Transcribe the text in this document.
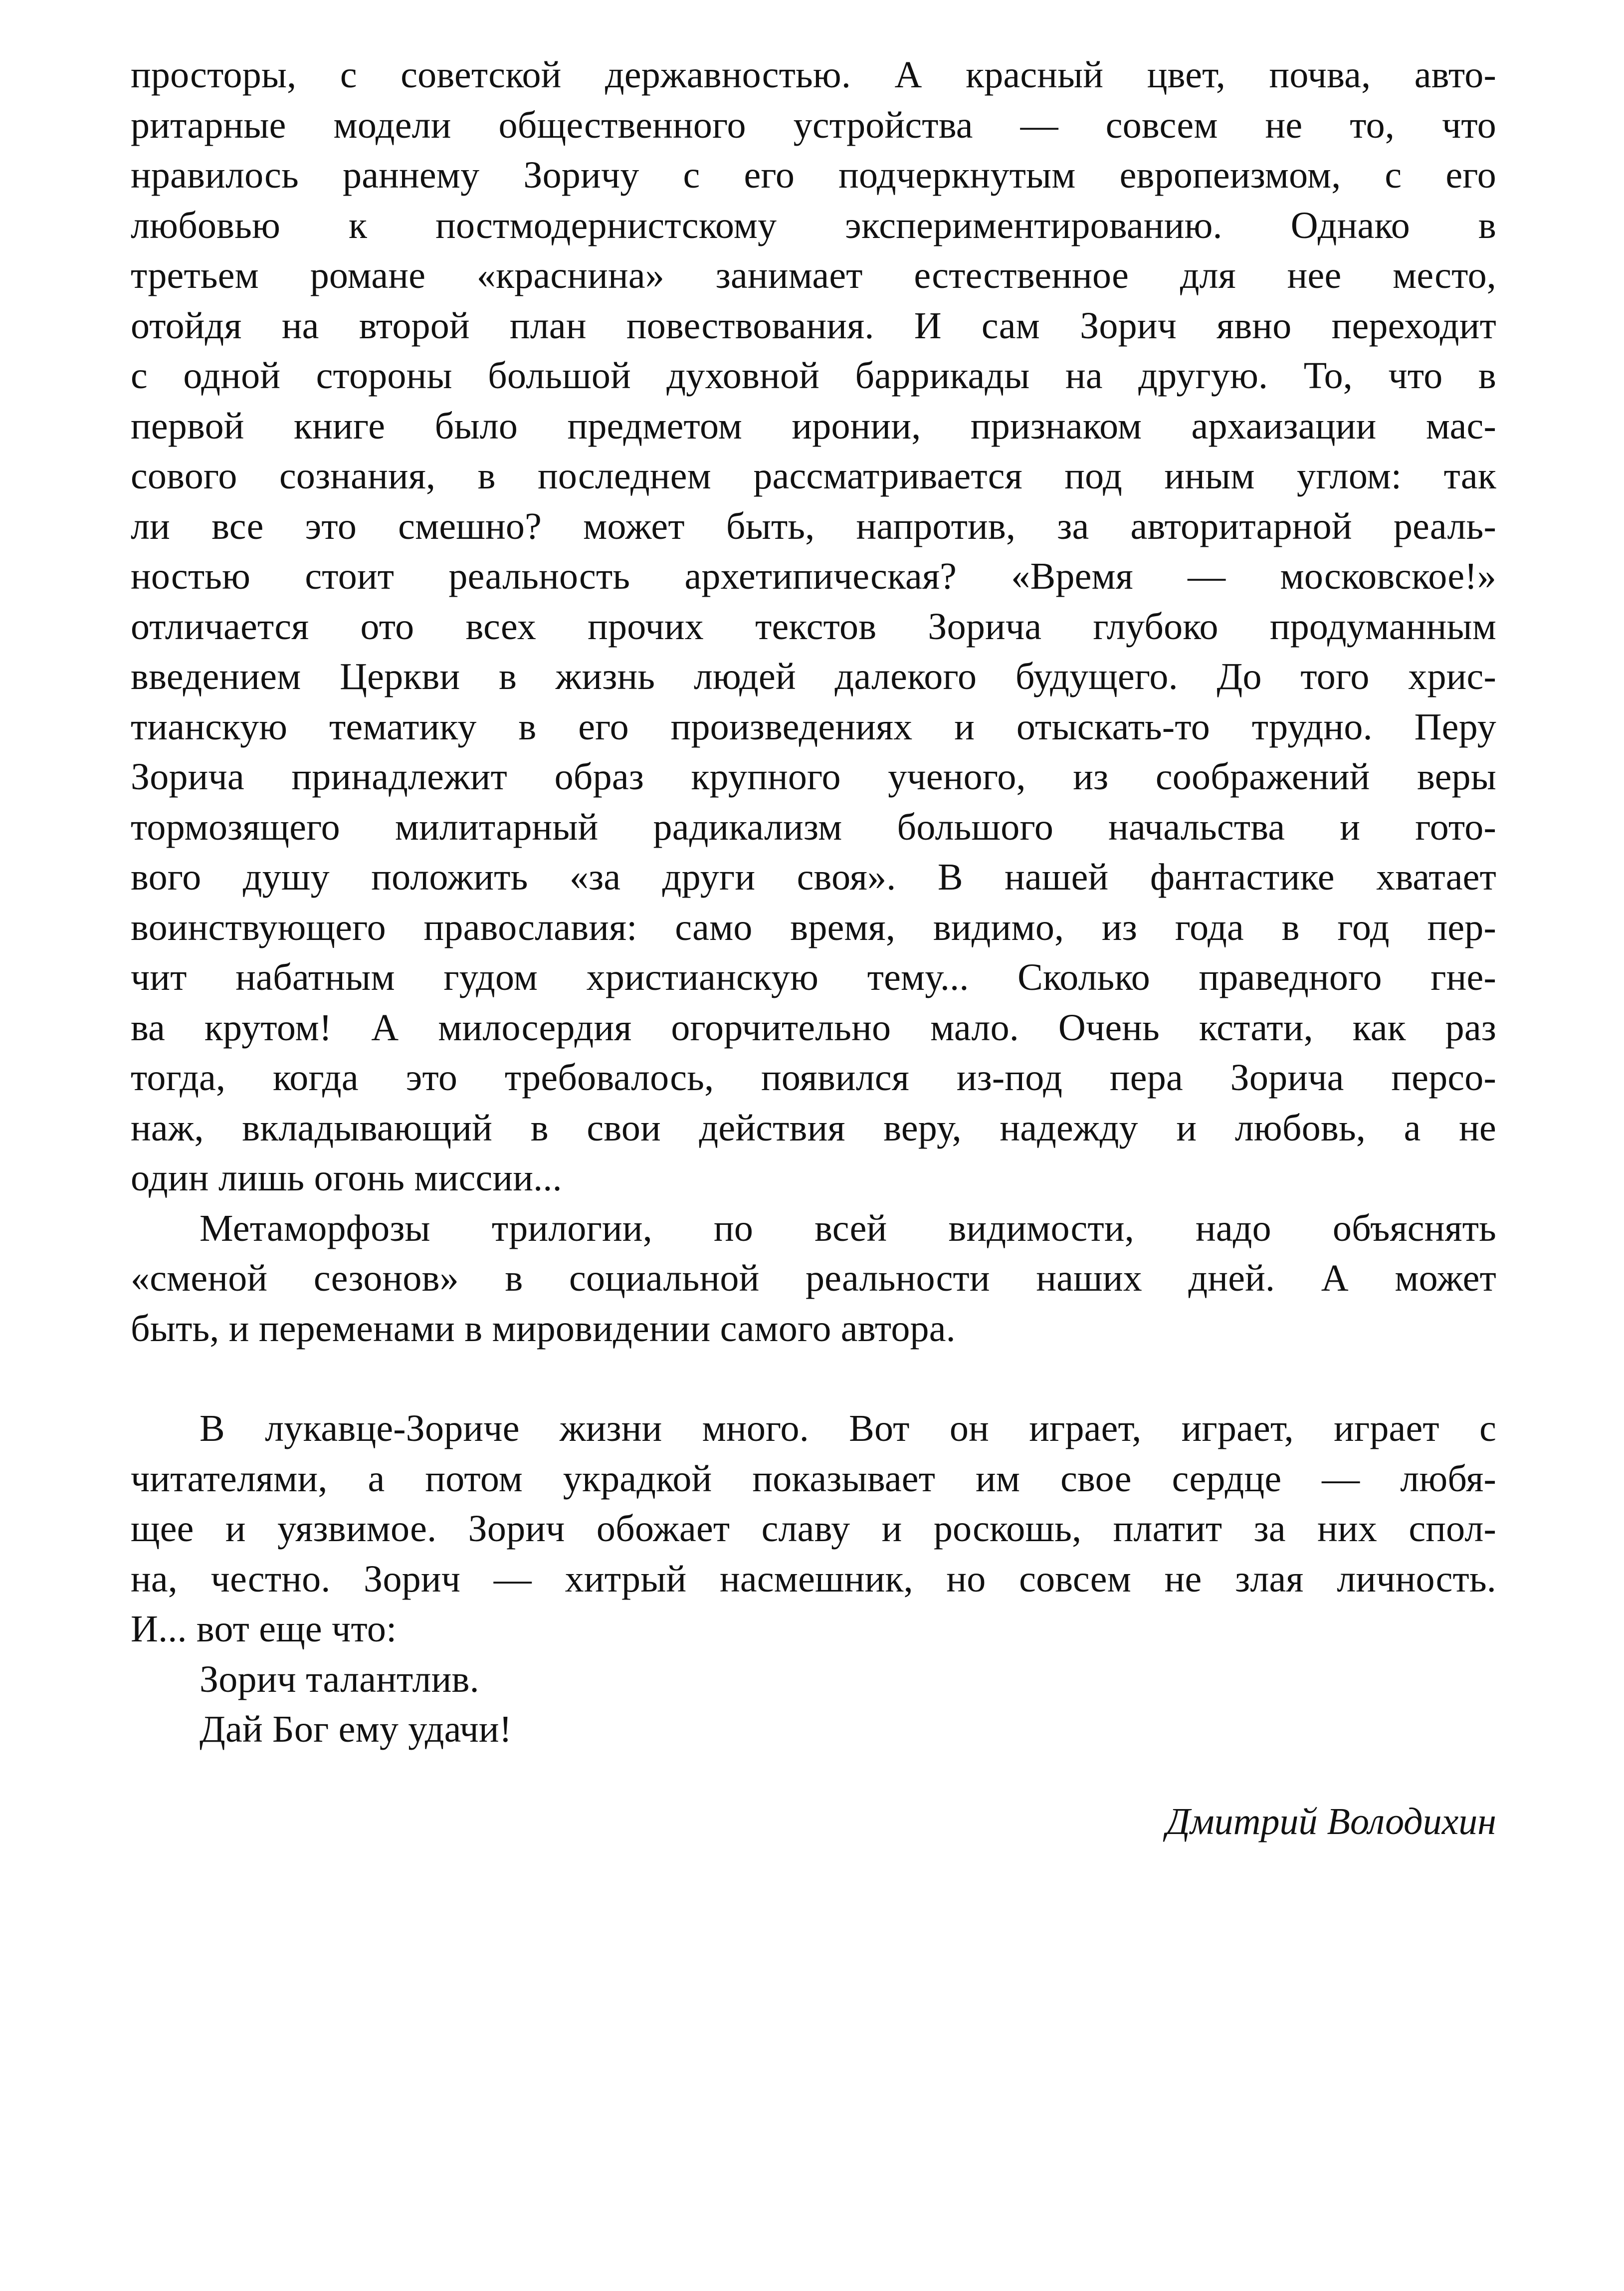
просторы, с советской державностью. А красный цвет, почва, авто-
ритарные модели общественного устройства — совсем не то, что
нравилось раннему Зоричу с его подчеркнутым европеизмом, с его
любовью к постмодернистскому экспериментированию. Однако в
третьем романе «краснина» занимает естественное для нее место,
отойдя на второй план повествования. И сам Зорич явно переходит
с одной стороны большой духовной баррикады на другую. То, что в
первой книге было предметом иронии, признаком архаизации мас-
сового сознания, в последнем рассматривается под иным углом: так
ли все это смешно? может быть, напротив, за авторитарной реаль-
ностью стоит реальность архетипическая? «Время — московское!»
отличается ото всех прочих текстов Зорича глубоко продуманным
введением Церкви в жизнь людей далекого будущего. До того хрис-
тианскую тематику в его произведениях и отыскать-то трудно. Перу
Зорича принадлежит образ крупного ученого, из соображений веры
тормозящего милитарный радикализм большого начальства и гото-
вого душу положить «за други своя». В нашей фантастике хватает
воинствующего православия: само время, видимо, из года в год пер-
чит набатным гудом христианскую тему... Сколько праведного гне-
ва крутом! А милосердия огорчительно мало. Очень кстати, как раз
тогда, когда это требовалось, появился из-под пера Зорича персо-
наж, вкладывающий в свои действия веру, надежду и любовь, а не
один лишь огонь миссии...
Метаморфозы трилогии, по всей видимости, надо объяснять
«сменой сезонов» в социальной реальности наших дней. А может
быть, и переменами в мировидении самого автора.
В лукавце-Зориче жизни много. Вот он играет, играет, играет с
читателями, а потом украдкой показывает им свое сердце — любя-
щее и уязвимое. Зорич обожает славу и роскошь, платит за них спол-
на, честно. Зорич — хитрый насмешник, но совсем не злая личность.
И... вот еще что:
Зорич талантлив.
Дай Бог ему удачи!
Дмитрий Володихин
